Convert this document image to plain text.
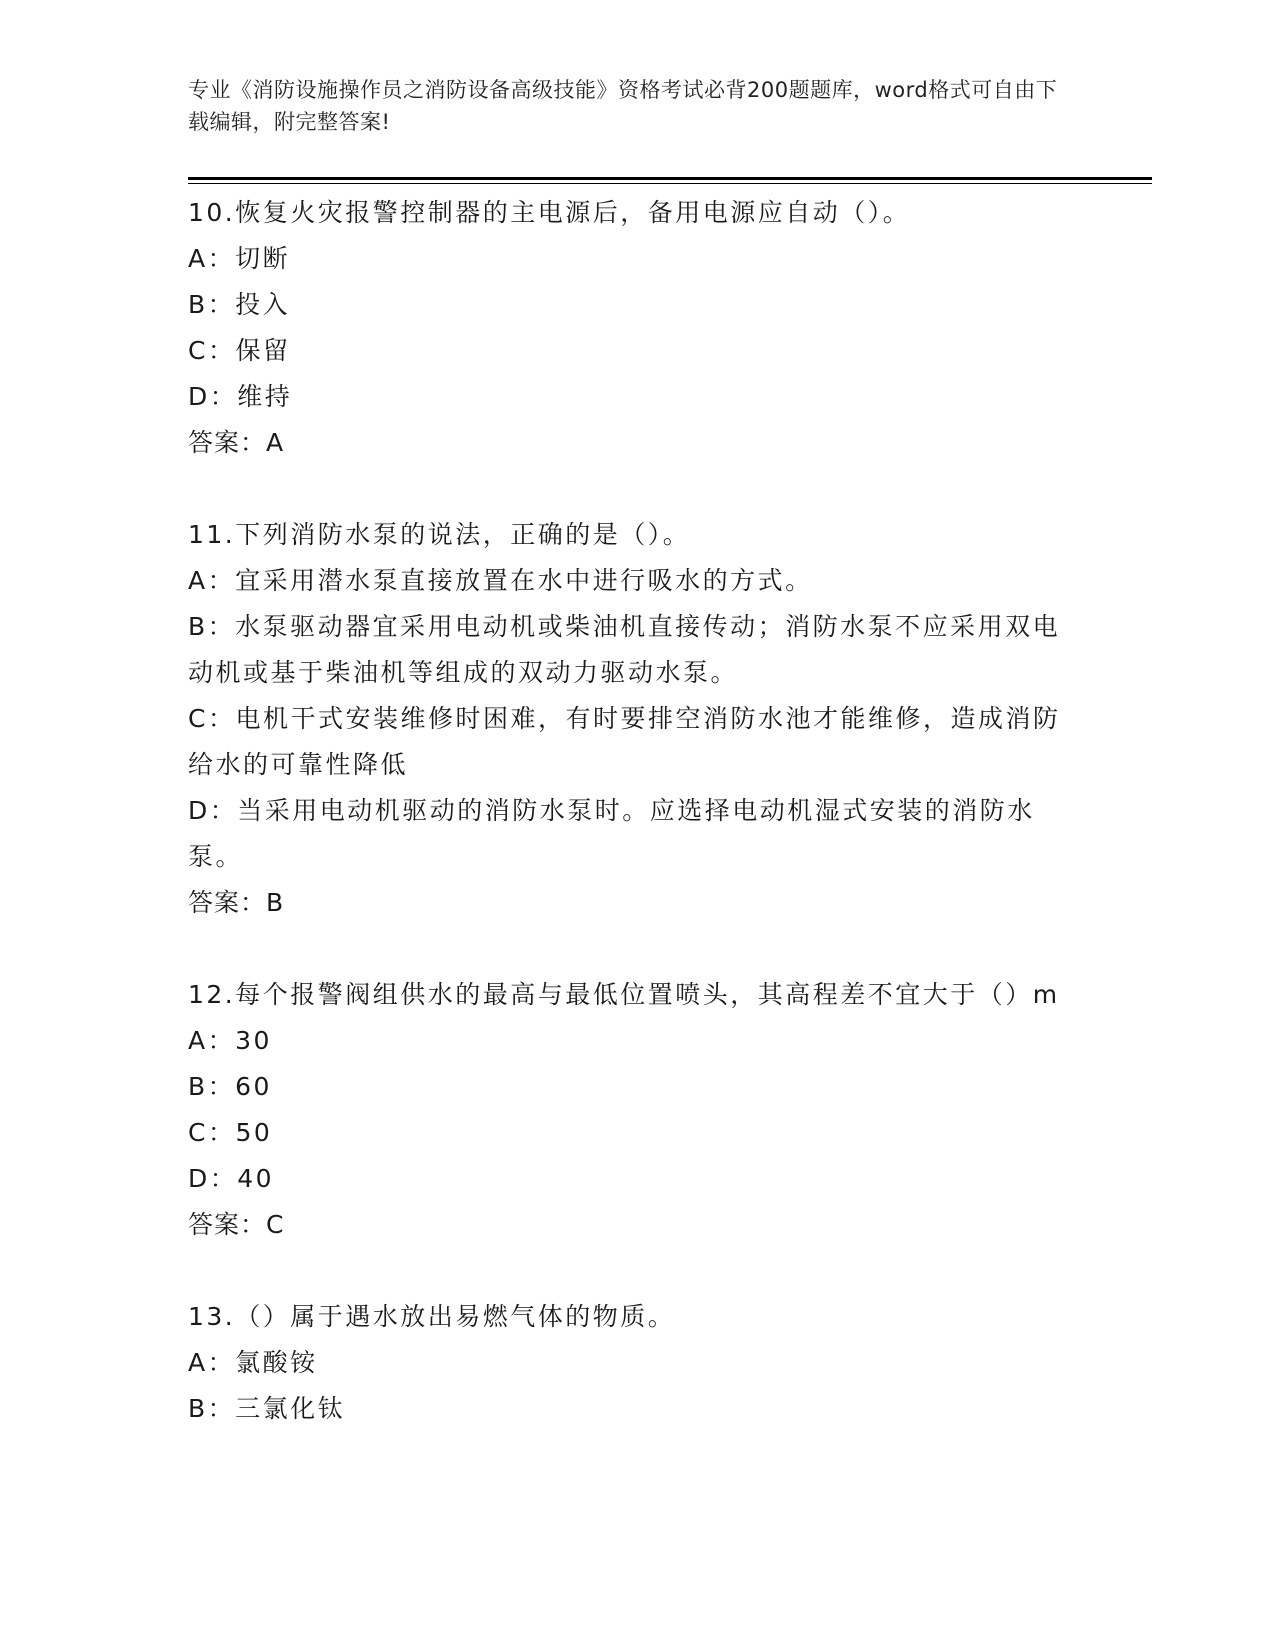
专业《消防设施操作员之消防设备高级技能》资格考试必背200题题库，word格式可自由下载编辑，附完整答案!
10.恢复火灾报警控制器的主电源后，备用电源应自动（）。
A：切断
B：投入
C：保留
D：维持
答案：A
11.下列消防水泵的说法，正确的是（）。
A：宜采用潜水泵直接放置在水中进行吸水的方式。
B：水泵驱动器宜采用电动机或柴油机直接传动；消防水泵不应采用双电动机或基于柴油机等组成的双动力驱动水泵。
C：电机干式安装维修时困难，有时要排空消防水池才能维修，造成消防给水的可靠性降低
D：当采用电动机驱动的消防水泵时。应选择电动机湿式安装的消防水泵。
答案：B
12.每个报警阀组供水的最高与最低位置喷头，其高程差不宜大于（）m
A：30
B：60
C：50
D：40
答案：C
13.（）属于遇水放出易燃气体的物质。
A：氯酸铵
B：三氯化钛
